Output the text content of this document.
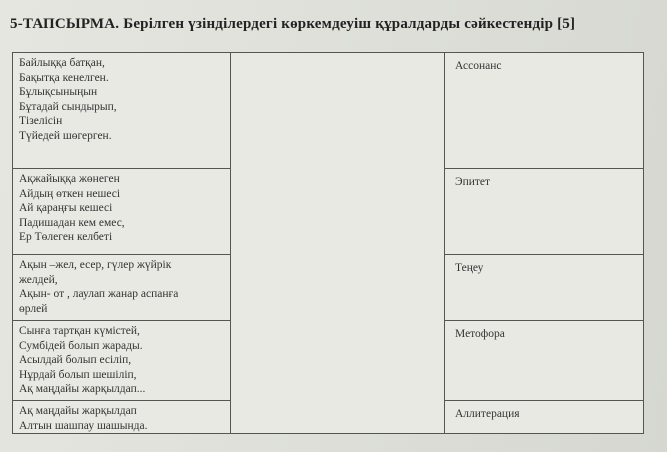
5-ТАПСЫРМА. Берілген үзінділердегі көркемдеуіш құралдарды сәйкестендір [5]
Байлыққа батқан,
Бақытқа кенелген.
Бұлықсыныңын
Бұтадай сындырып,
Тізелісін
Түйедей шөгерген.
Ақжайыққа жөнеген
Айдың өткен нешесі
Ай қараңғы кешесі
Падишадан кем емес,
Ер Төлеген келбеті
Ақын –жел, есер, гүлер жүйрік
желдей,
Ақын- от , лаулап жанар аспанға
өрлей
Сынға тартқан күмістей,
Сумбідей болып жарады.
Асылдай болып есіліп,
Нұрдай болып шешіліп,
Ақ маңдайы жарқылдап...
Ақ маңдайы жарқылдап
Алтын шашпау шашында.
Ассонанс
Эпитет
Теңеу
Метофора
Аллитерация
